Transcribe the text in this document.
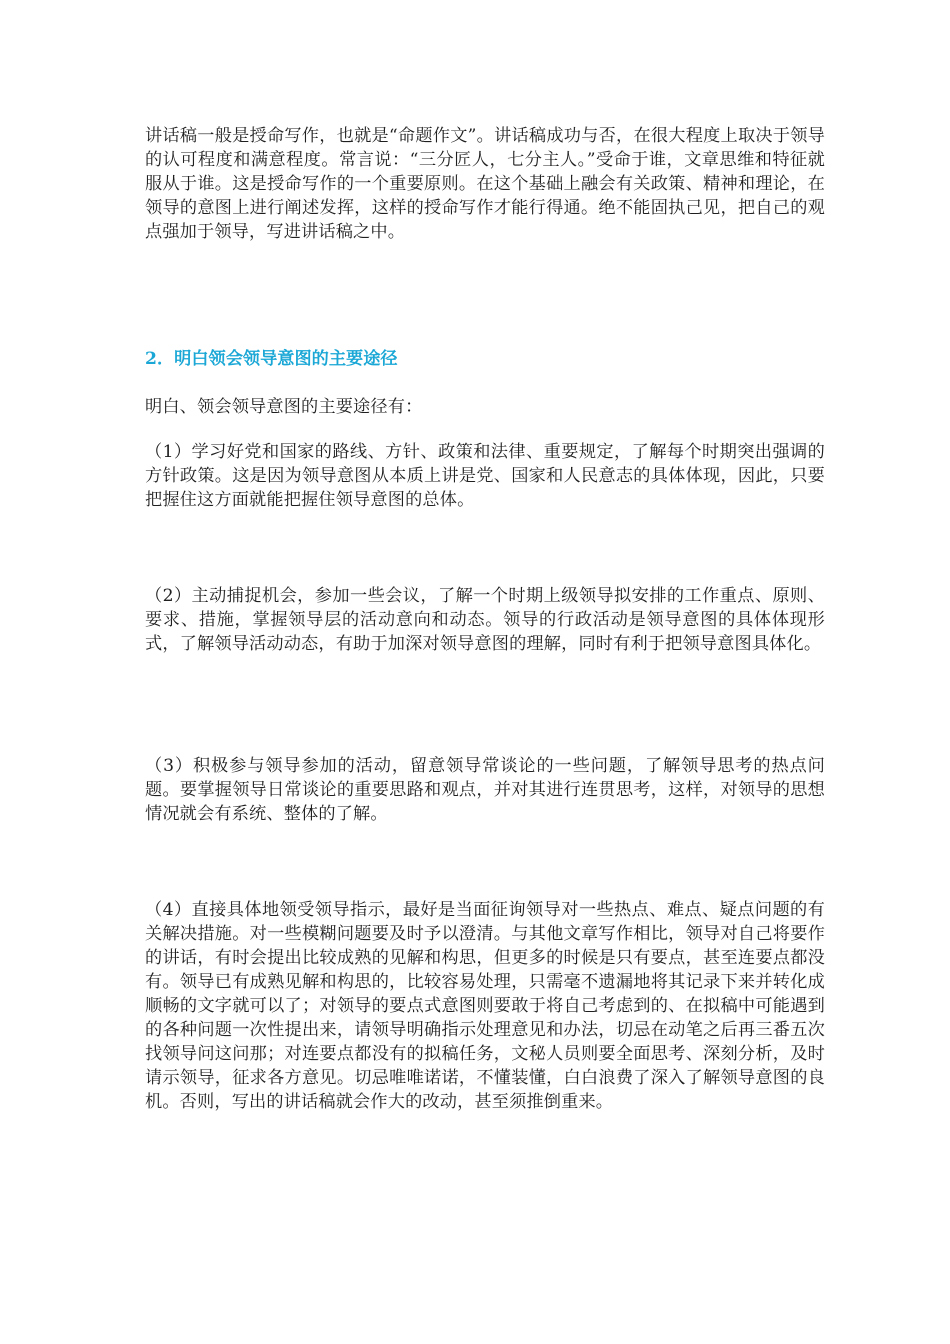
讲话稿一般是授命写作，也就是“命题作文”。讲话稿成功与否，在很大程度上取决于领导的认可程度和满意程度。常言说：“三分匠人，七分主人。”受命于谁，文章思维和特征就服从于谁。这是授命写作的一个重要原则。在这个基础上融会有关政策、精神和理论，在领导的意图上进行阐述发挥，这样的授命写作才能行得通。绝不能固执己见，把自己的观点强加于领导，写进讲话稿之中。

2．明白领会领导意图的主要途径

明白、领会领导意图的主要途径有：

（1）学习好党和国家的路线、方针、政策和法律、重要规定，了解每个时期突出强调的方针政策。这是因为领导意图从本质上讲是党、国家和人民意志的具体体现，因此，只要把握住这方面就能把握住领导意图的总体。

（2）主动捕捉机会，参加一些会议，了解一个时期上级领导拟安排的工作重点、原则、要求、措施，掌握领导层的活动意向和动态。领导的行政活动是领导意图的具体体现形式，了解领导活动动态，有助于加深对领导意图的理解，同时有利于把领导意图具体化。

（3）积极参与领导参加的活动，留意领导常谈论的一些问题，了解领导思考的热点问题。要掌握领导日常谈论的重要思路和观点，并对其进行连贯思考，这样，对领导的思想情况就会有系统、整体的了解。

（4）直接具体地领受领导指示，最好是当面征询领导对一些热点、难点、疑点问题的有关解决措施。对一些模糊问题要及时予以澄清。与其他文章写作相比，领导对自己将要作的讲话，有时会提出比较成熟的见解和构思，但更多的时候是只有要点，甚至连要点都没有。领导已有成熟见解和构思的，比较容易处理，只需毫不遗漏地将其记录下来并转化成顺畅的文字就可以了；对领导的要点式意图则要敢于将自己考虑到的、在拟稿中可能遇到的各种问题一次性提出来，请领导明确指示处理意见和办法，切忌在动笔之后再三番五次找领导问这问那；对连要点都没有的拟稿任务，文秘人员则要全面思考、深刻分析，及时请示领导，征求各方意见。切忌唯唯诺诺，不懂装懂，白白浪费了深入了解领导意图的良机。否则，写出的讲话稿就会作大的改动，甚至须推倒重来。
